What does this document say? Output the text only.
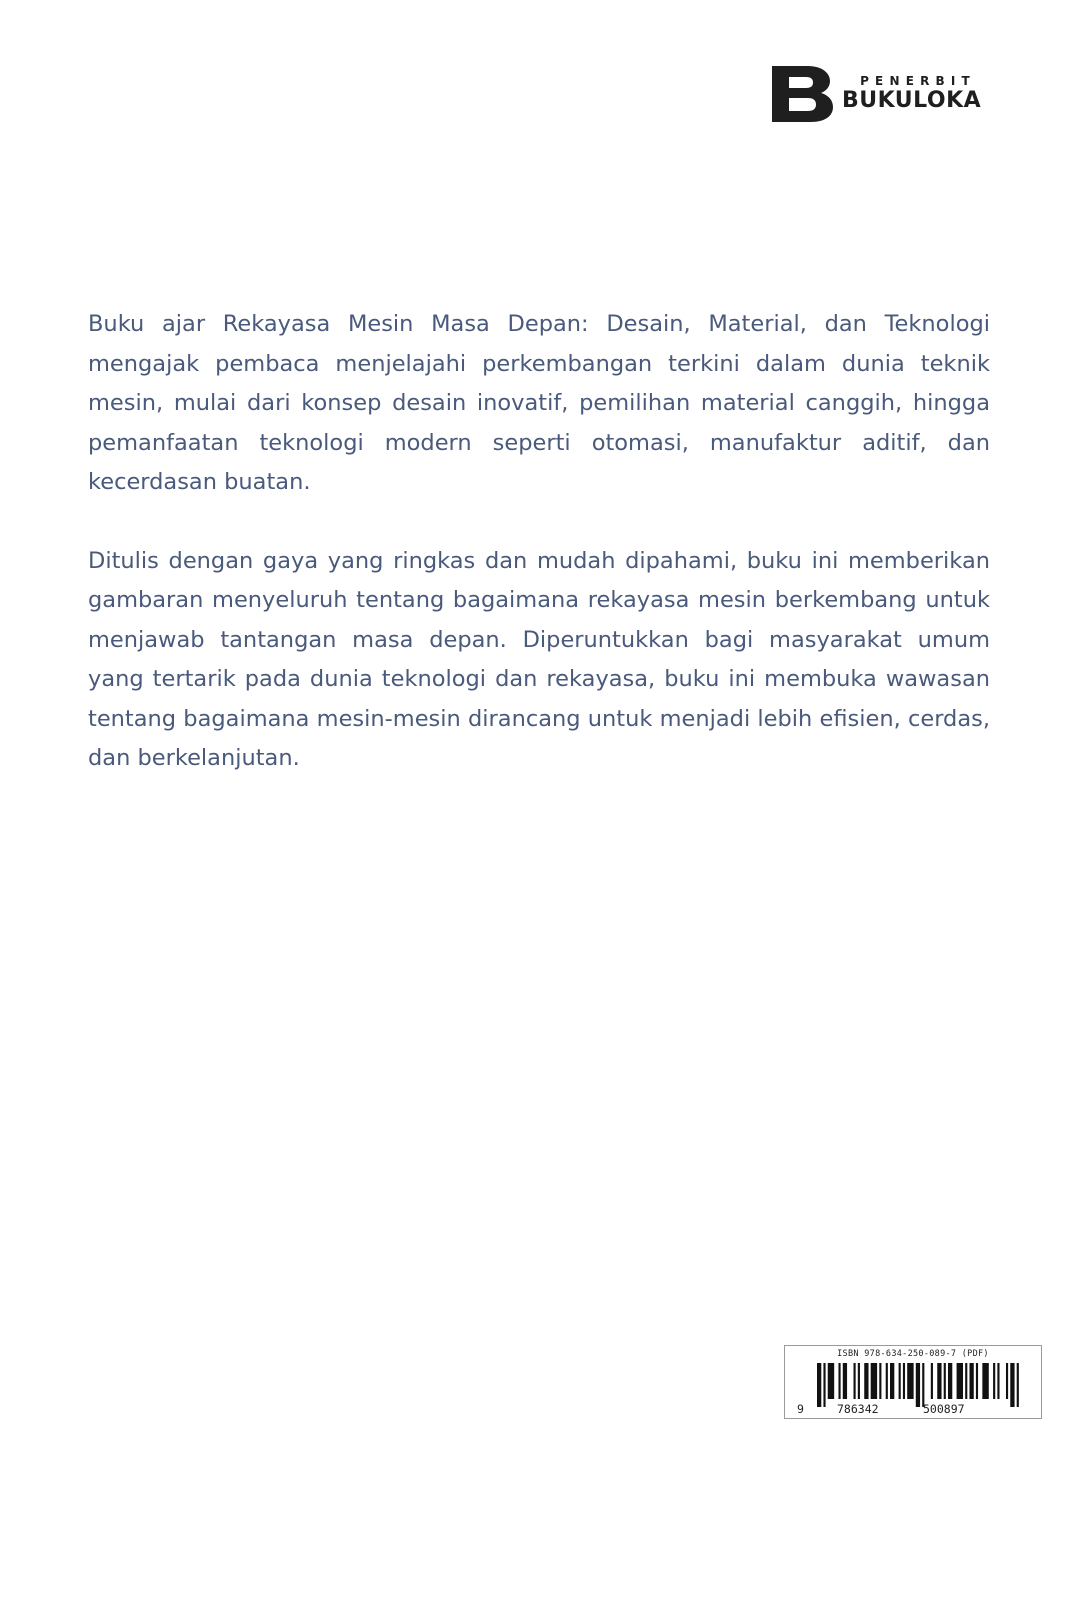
PENERBIT
BUKULOKA

Buku ajar Rekayasa Mesin Masa Depan: Desain, Material, dan Teknologi mengajak pembaca menjelajahi perkembangan terkini dalam dunia teknik mesin, mulai dari konsep desain inovatif, pemilihan material canggih, hingga pemanfaatan teknologi modern seperti otomasi, manufaktur aditif, dan kecerdasan buatan.

Ditulis dengan gaya yang ringkas dan mudah dipahami, buku ini memberikan gambaran menyeluruh tentang bagaimana rekayasa mesin berkembang untuk menjawab tantangan masa depan. Diperuntukkan bagi masyarakat umum yang tertarik pada dunia teknologi dan rekayasa, buku ini membuka wawasan tentang bagaimana mesin-mesin dirancang untuk menjadi lebih efisien, cerdas, dan berkelanjutan.

ISBN 978-634-250-089-7 (PDF)
9	786342	500897
